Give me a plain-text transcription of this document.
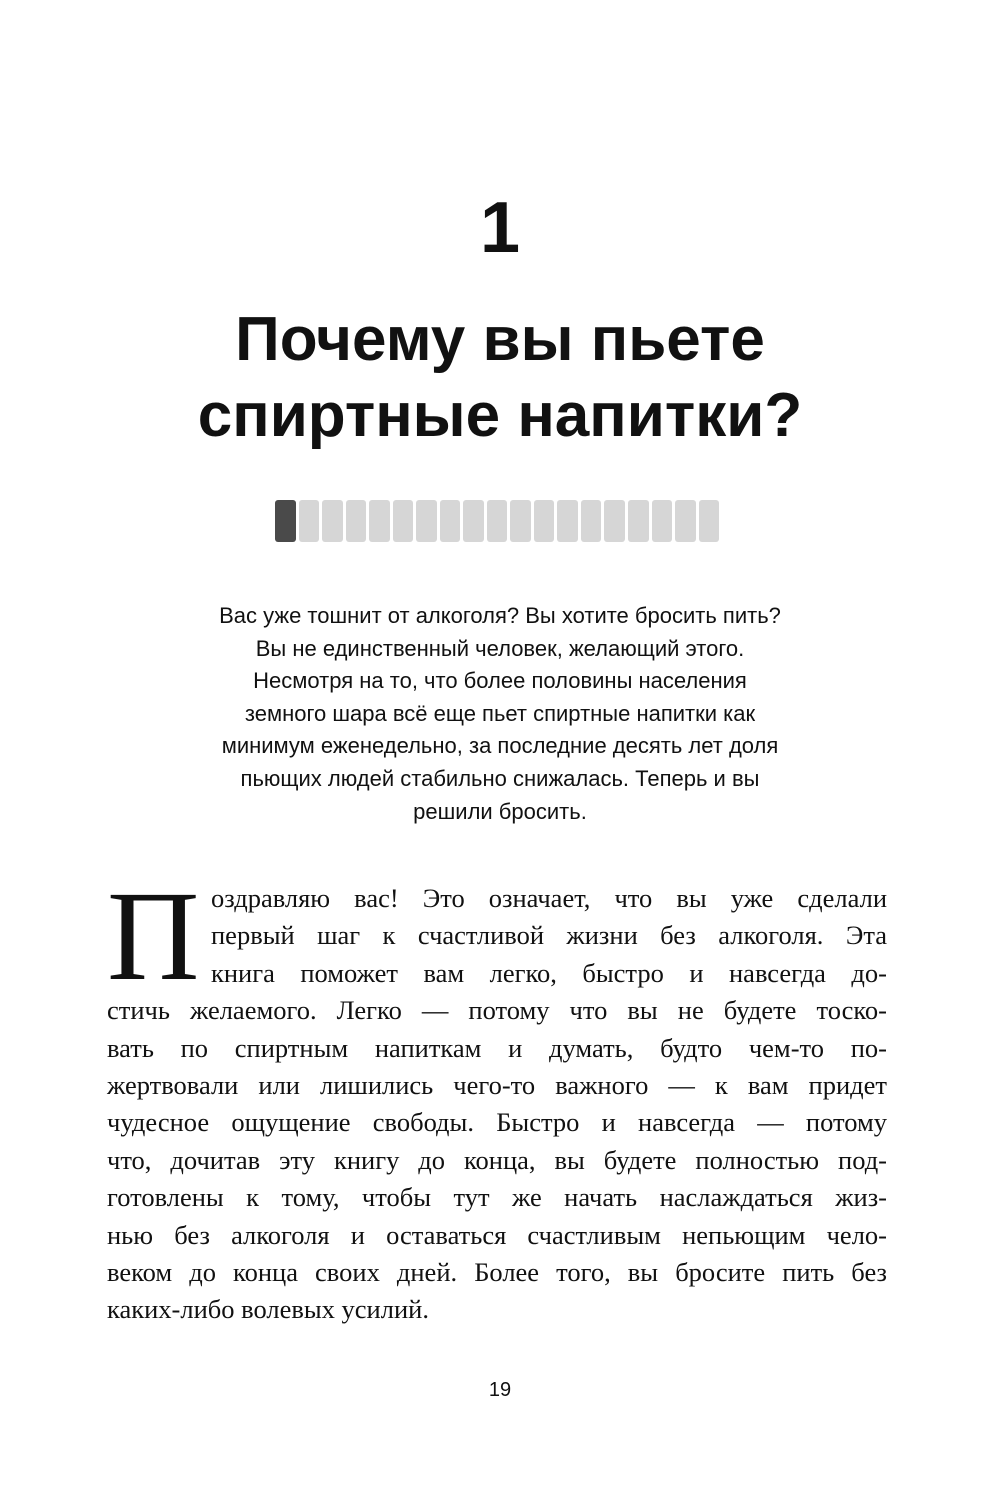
1
Почему вы пьете
спиртные напитки?

Вас уже тошнит от алкоголя? Вы хотите бросить пить?
Вы не единственный человек, желающий этого.
Несмотря на то, что более половины населения
земного шара всё еще пьет спиртные напитки как
минимум еженедельно, за последние десять лет доля
пьющих людей стабильно снижалась. Теперь и вы
решили бросить.

П оздравляю вас! Это означает, что вы уже сделали
первый шаг к счастливой жизни без алкоголя. Эта
книга поможет вам легко, быстро и навсегда до-
стичь желаемого. Легко — потому что вы не будете тоско-
вать по спиртным напиткам и думать, будто чем-то по-
жертвовали или лишились чего-то важного — к вам придет
чудесное ощущение свободы. Быстро и навсегда — потому
что, дочитав эту книгу до конца, вы будете полностью под-
готовлены к тому, чтобы тут же начать наслаждаться жиз-
нью без алкоголя и оставаться счастливым непьющим чело-
веком до конца своих дней. Более того, вы бросите пить без
каких-либо волевых усилий.

19
